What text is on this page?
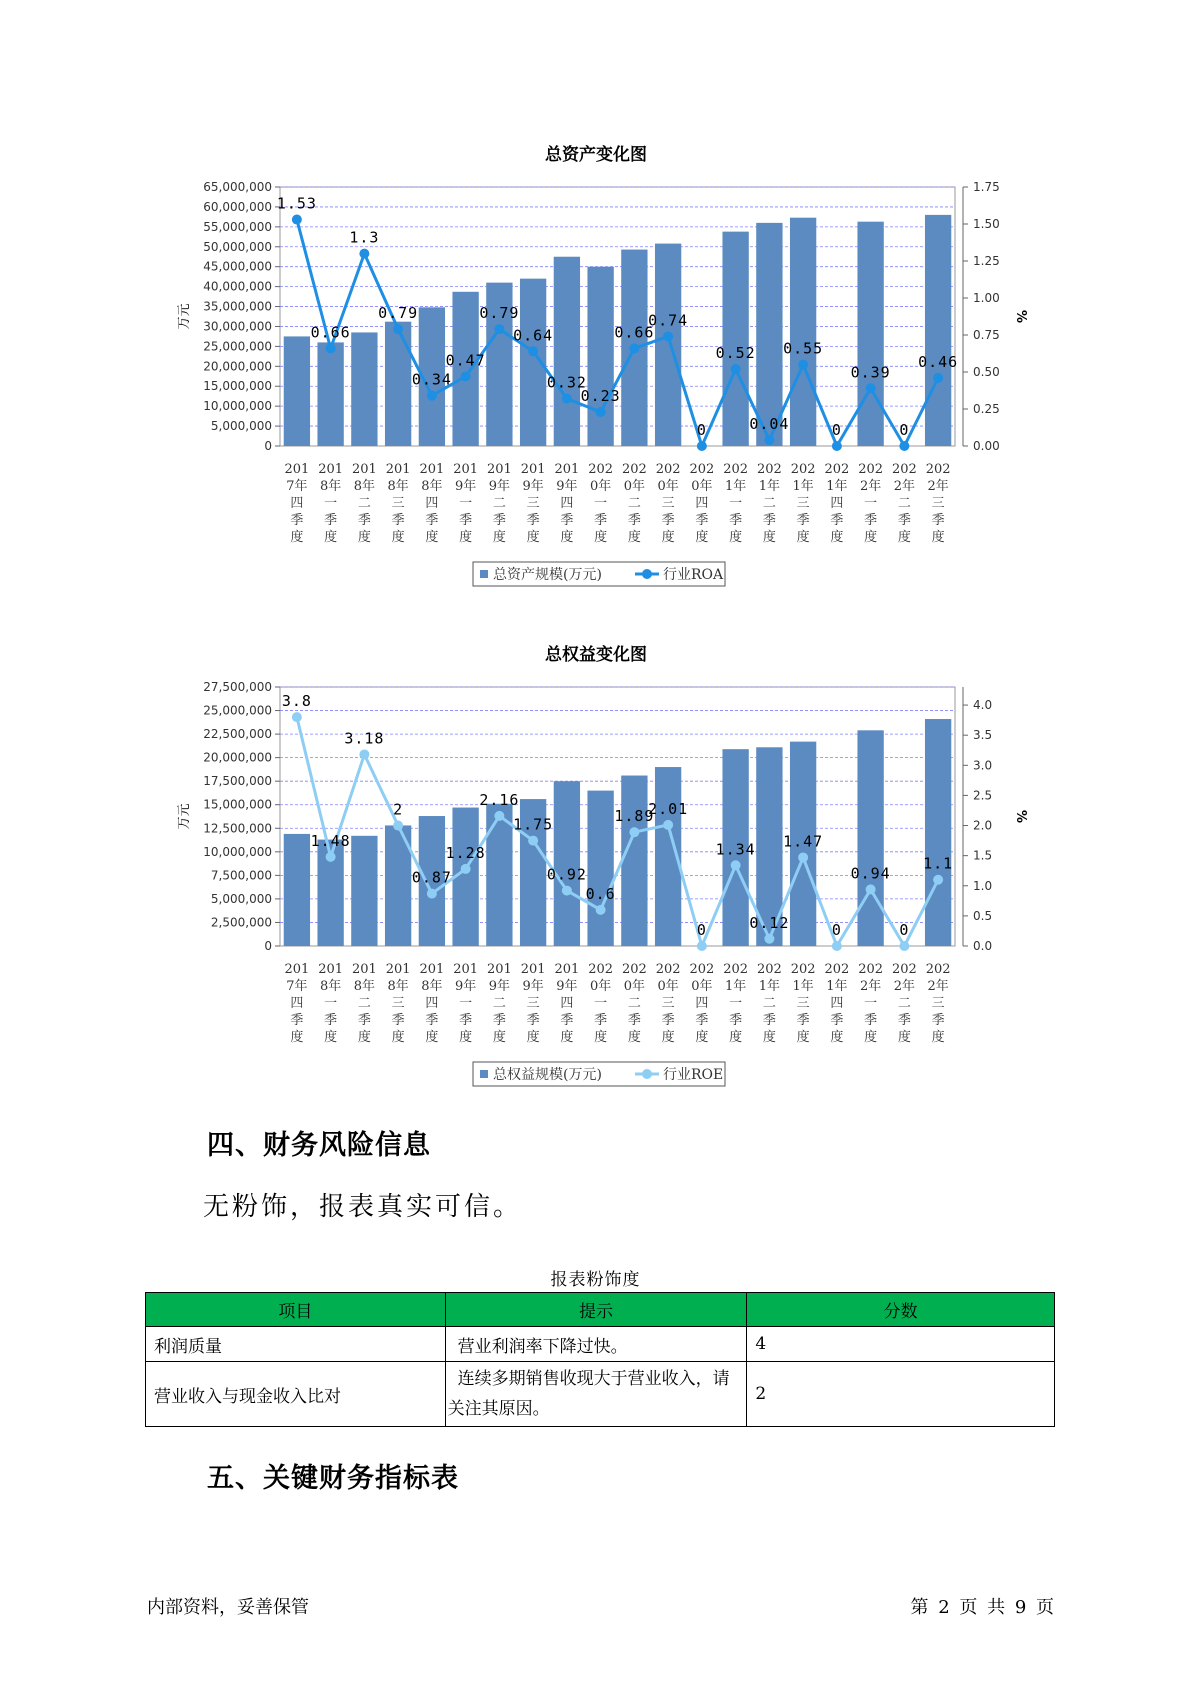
总资产变化图
0
5,000,000
10,000,000
15,000,000
20,000,000
25,000,000
30,000,000
35,000,000
40,000,000
45,000,000
50,000,000
55,000,000
60,000,000
65,000,000
0.00
0.25
0.50
0.75
1.00
1.25
1.50
1.75
万元	%
201
7年
四
季
度
201
8年
一
季
度
201
8年
二
季
度
201
8年
三
季
度
201
8年
四
季
度
201
9年
一
季
度
201
9年
二
季
度
201
9年
三
季
度
201
9年
四
季
度
202
0年
一
季
度
202
0年
二
季
度
202
0年
三
季
度
202
0年
四
季
度
202
1年
一
季
度
202
1年
二
季
度
202
1年
三
季
度
202
1年
四
季
度
202
2年
一
季
度
202
2年
二
季
度
202
2年
三
季
度
1.53
0.66
1.3
0.79
0.34
0.47
0.79
0.64
0.32
0.23
0.66
0.74
0
0.52
0.04
0.55
0
0.39
0
0.46
总资产规模(万元)	行业ROA
总权益变化图
0
2,500,000
5,000,000
7,500,000
10,000,000
12,500,000
15,000,000
17,500,000
20,000,000
22,500,000
25,000,000
27,500,000
0.0
0.5
1.0
1.5
2.0
2.5
3.0
3.5
4.0
万元	%
201
7年
四
季
度
201
8年
一
季
度
201
8年
二
季
度
201
8年
三
季
度
201
8年
四
季
度
201
9年
一
季
度
201
9年
二
季
度
201
9年
三
季
度
201
9年
四
季
度
202
0年
一
季
度
202
0年
二
季
度
202
0年
三
季
度
202
0年
四
季
度
202
1年
一
季
度
202
1年
二
季
度
202
1年
三
季
度
202
1年
四
季
度
202
2年
一
季
度
202
2年
二
季
度
202
2年
三
季
度
3.8
1.48
3.18
2
0.87
1.28
2.16
1.75
0.92
0.6
1.89
2.01
0
1.34
0.12
1.47
0
0.94
0
1.1
总权益规模(万元)	行业ROE
四、财务风险信息
无粉饰，报表真实可信。
报表粉饰度
项目	提示	分数
利润质量	营业利润率下降过快。	4
营业收入与现金收入比对	连续多期销售收现大于营业收入，请关注其原因。	2
五、关键财务指标表
内部资料，妥善保管	第 2 页 共 9 页
